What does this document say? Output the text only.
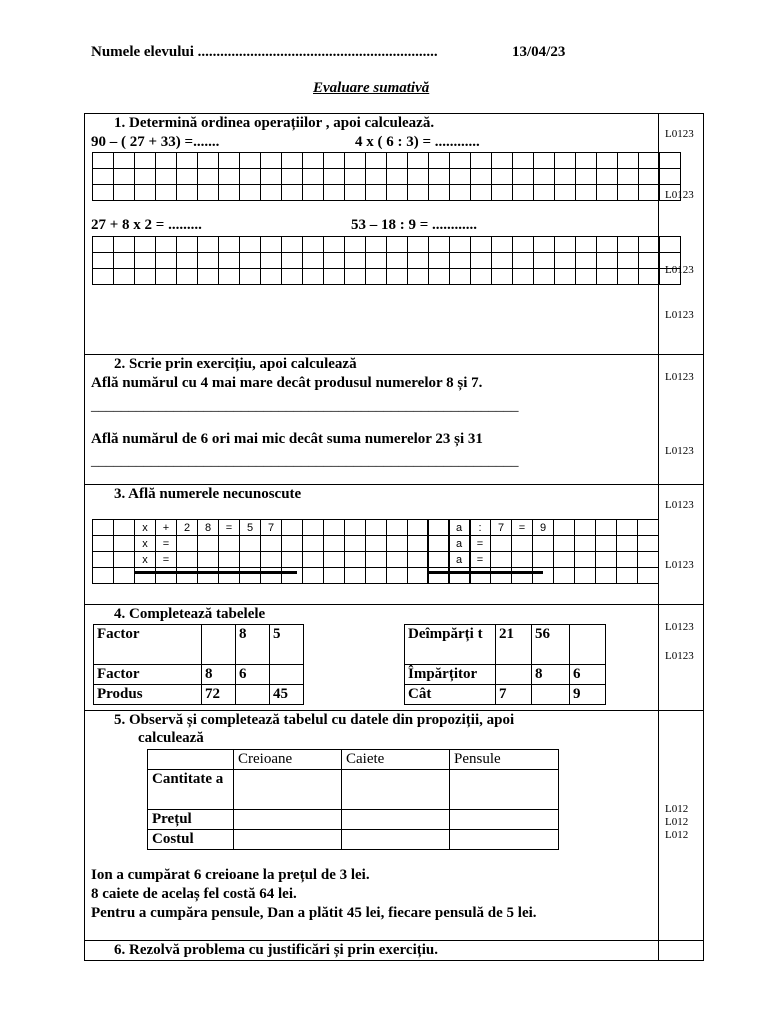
Numele elevului ................................................................	13/04/23
Evaluare sumativă
1. Determină ordinea operațiilor , apoi calculează.
90 – ( 27 + 33) =.......	4 x ( 6 : 3) = ............

27 + 8 x 2 = .........	53 – 18 : 9 = ............

L0123
L0123
L0123
L0123
2. Scrie prin exercițiu, apoi calculează
Află numărul cu 4 mai mare decât produsul numerelor 8 și 7.
_________________________________________________________
Află numărul de 6 ori mai mic decât suma numerelor 23 și 31
_________________________________________________________
L0123
L0123
3. Află numerele necunoscute
		x	+	2	8	=	5	7									
		x	=														
		x	=														

	a	:	7	=	9					
	a	=								
	a	=								

L0123
L0123
4. Completează tabelele
Factor		8	5
Factor	8	6	
Produs	72		45
Deîmpărți t	21	56	
Împărțitor		8	6
Cât	7		9
L0123
L0123
5. Observă și completează tabelul cu datele din propoziții, apoi
calculează
	Creioane	Caiete	Pensule
Cantitate a			
Prețul			
Costul			
Ion a cumpărat 6 creioane la prețul de 3 lei.
8 caiete de acelaș fel costă 64 lei.
Pentru a cumpăra pensule, Dan a plătit 45 lei, fiecare pensulă de 5 lei.
L012
L012
L012
6. Rezolvă problema cu justificări și prin exercițiu.
